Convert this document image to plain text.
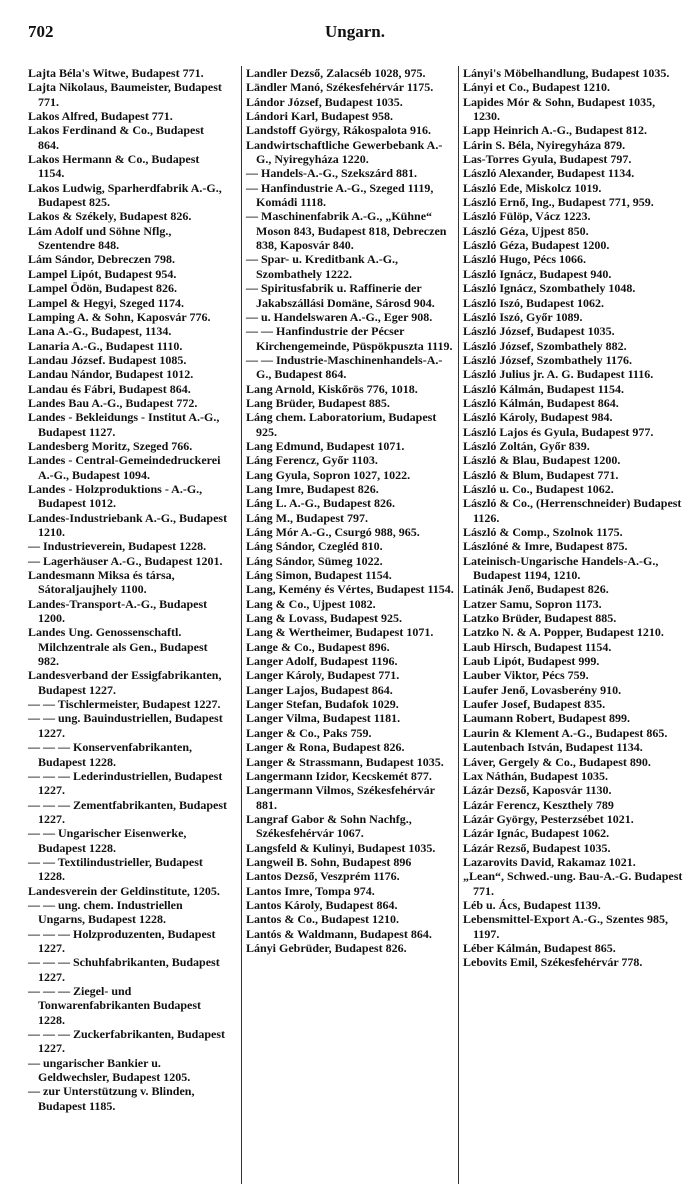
702	Ungarn.

Lajta Béla's Witwe, Budapest 771.

Lajta Nikolaus, Baumeister, Budapest 771.

Lakos Alfred, Budapest 771.

Lakos Ferdinand & Co., Budapest 864.

Lakos Hermann & Co., Budapest 1154.

Lakos Ludwig, Sparherdfabrik A.-G., Budapest 825.

Lakos & Székely, Budapest 826.

Lám Adolf und Söhne Nflg., Szentendre 848.

Lám Sándor, Debreczen 798.

Lampel Lipót, Budapest 954.

Lampel Ödön, Budapest 826.

Lampel & Hegyi, Szeged 1174.

Lamping A. & Sohn, Kaposvár 776.

Lana A.-G., Budapest, 1134.

Lanaria A.-G., Budapest 1110.

Landau József. Budapest 1085.

Landau Nándor, Budapest 1012.

Landau és Fábri, Budapest 864.

Landes Bau A.-G., Budapest 772.

Landes - Bekleidungs - Institut A.-G., Budapest 1127.

Landesberg Moritz, Szeged 766.

Landes - Central-Gemeindedruckerei A.-G., Budapest 1094.

Landes - Holzproduktions - A.-G., Budapest 1012.

Landes-Industriebank A.-G., Budapest 1210.

— Industrieverein, Budapest 1228.

— Lagerhäuser A.-G., Budapest 1201.

Landesmann Miksa és társa, Sátoraljaujhely 1100.

Landes-Transport-A.-G., Budapest 1200.

Landes Ung. Genossenschaftl. Milchzentrale als Gen., Budapest 982.

Landesverband der Essigfabrikanten, Budapest 1227.

— — Tischlermeister, Budapest 1227.

— — ung. Bauindustriellen, Budapest 1227.

— — — Konservenfabrikanten, Budapest 1228.

— — — Lederindustriellen, Budapest 1227.

— — — Zementfabrikanten, Budapest 1227.

— — Ungarischer Eisenwerke, Budapest 1228.

— — Textilindustrieller, Budapest 1228.

Landesverein der Geldinstitute, 1205.

— — ung. chem. Industriellen Ungarns, Budapest 1228.

— — — Holzproduzenten, Budapest 1227.

— — — Schuhfabrikanten, Budapest 1227.

— — — Ziegel- und Tonwarenfabrikanten Budapest 1228.

— — — Zuckerfabrikanten, Budapest 1227.

— ungarischer Bankier u. Geldwechsler, Budapest 1205.

— zur Unterstützung v. Blinden, Budapest 1185.

Landler Dezső, Zalacséb 1028, 975.

Ländler Manó, Székesfehérvár 1175.

Lándor József, Budapest 1035.

Lándori Karl, Budapest 958.

Landstoff György, Rákospalota 916.

Landwirtschaftliche Gewerbebank A.-G., Nyiregyháza 1220.

— Handels-A.-G., Szekszárd 881.

— Hanfindustrie A.-G., Szeged 1119, Komádi 1118.

— Maschinenfabrik A.-G., „Kühne“ Moson 843, Budapest 818, Debreczen 838, Kaposvár 840.

— Spar- u. Kreditbank A.-G., Szombathely 1222.

— Spiritusfabrik u. Raffinerie der Jakabszállási Domäne, Sárosd 904.

— u. Handelswaren A.-G., Eger 908.

— — Hanfindustrie der Pécser Kirchengemeinde, Püspökpuszta 1119.

— — Industrie-Maschinenhandels-A.-G., Budapest 864.

Lang Arnold, Kiskőrös 776, 1018.

Lang Brüder, Budapest 885.

Láng chem. Laboratorium, Budapest 925.

Lang Edmund, Budapest 1071.

Láng Ferencz, Győr 1103.

Lang Gyula, Sopron 1027, 1022.

Lang Imre, Budapest 826.

Láng L. A.-G., Budapest 826.

Láng M., Budapest 797.

Láng Mór A.-G., Csurgó 988, 965.

Láng Sándor, Czegléd 810.

Láng Sándor, Sümeg 1022.

Láng Simon, Budapest 1154.

Lang, Kemény és Vértes, Budapest 1154.

Lang & Co., Ujpest 1082.

Lang & Lovass, Budapest 925.

Lang & Wertheimer, Budapest 1071.

Lange & Co., Budapest 896.

Langer Adolf, Budapest 1196.

Langer Károly, Budapest 771.

Langer Lajos, Budapest 864.

Langer Stefan, Budafok 1029.

Langer Vilma, Budapest 1181.

Langer & Co., Paks 759.

Langer & Rona, Budapest 826.

Langer & Strassmann, Budapest 1035.

Langermann Izidor, Kecskemét 877.

Langermann Vilmos, Székesfehérvár 881.

Langraf Gabor & Sohn Nachfg., Székesfehérvár 1067.

Langsfeld & Kulinyi, Budapest 1035.

Langweil B. Sohn, Budapest 896

Lantos Dezső, Veszprém 1176.

Lantos Imre, Tompa 974.

Lantos Károly, Budapest 864.

Lantos & Co., Budapest 1210.

Lantós & Waldmann, Budapest 864.

Lányi Gebrüder, Budapest 826.

Lányi's Möbelhandlung, Budapest 1035.

Lányi et Co., Budapest 1210.

Lapides Mór & Sohn, Budapest 1035, 1230.

Lapp Heinrich A.-G., Budapest 812.

Lárin S. Béla, Nyiregyháza 879.

Las-Torres Gyula, Budapest 797.

László Alexander, Budapest 1134.

László Ede, Miskolcz 1019.

László Ernő, Ing., Budapest 771, 959.

László Fülöp, Vácz 1223.

László Géza, Ujpest 850.

László Géza, Budapest 1200.

László Hugo, Pécs 1066.

László Ignácz, Budapest 940.

László Ignácz, Szombathely 1048.

László Iszó, Budapest 1062.

László Iszó, Győr 1089.

László József, Budapest 1035.

László József, Szombathely 882.

László József, Szombathely 1176.

László Julius jr. A. G. Budapest 1116.

László Kálmán, Budapest 1154.

László Kálmán, Budapest 864.

László Károly, Budapest 984.

László Lajos és Gyula, Budapest 977.

László Zoltán, Győr 839.

László & Blau, Budapest 1200.

László & Blum, Budapest 771.

László u. Co., Budapest 1062.

László & Co., (Herrenschneider) Budapest 1126.

László & Comp., Szolnok 1175.

Lászlóné & Imre, Budapest 875.

Lateinisch-Ungarische Handels-A.-G., Budapest 1194, 1210.

Latinák Jenő, Budapest 826.

Latzer Samu, Sopron 1173.

Latzko Brüder, Budapest 885.

Latzko N. & A. Popper, Budapest 1210.

Laub Hirsch, Budapest 1154.

Laub Lipót, Budapest 999.

Lauber Viktor, Pécs 759.

Laufer Jenő, Lovasberény 910.

Laufer Josef, Budapest 835.

Laumann Robert, Budapest 899.

Laurin & Klement A.-G., Budapest 865.

Lautenbach István, Budapest 1134.

Láver, Gergely & Co., Budapest 890.

Lax Náthán, Budapest 1035.

Lázár Dezső, Kaposvár 1130.

Lázár Ferencz, Keszthely 789

Lázár György, Pesterzsébet 1021.

Lázár Ignác, Budapest 1062.

Lázár Rezső, Budapest 1035.

Lazarovits David, Rakamaz 1021.

„Lean“, Schwed.-ung. Bau-A.-G. Budapest 771.

Léb u. Ács, Budapest 1139.

Lebensmittel-Export A.-G., Szentes 985, 1197.

Léber Kálmán, Budapest 865.

Lebovits Emil, Székesfehérvár 778.
